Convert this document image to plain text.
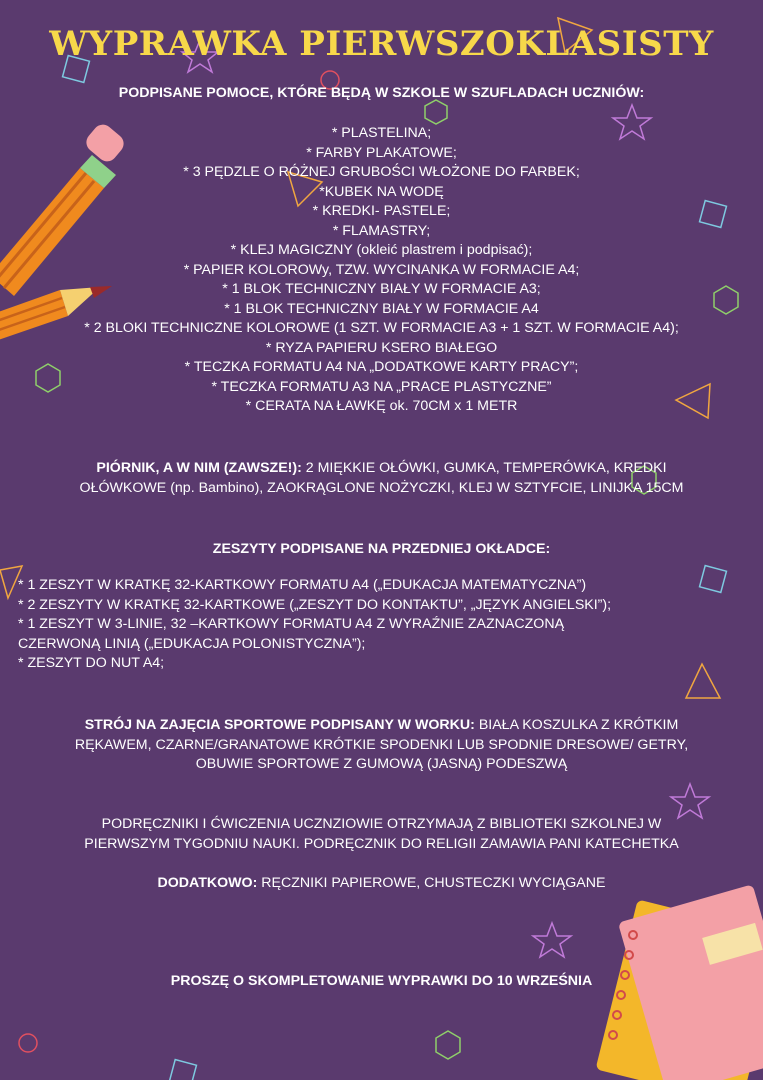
WYPRAWKA PIERWSZOKLASISTY
PODPISANE POMOCE, KTÓRE BĘDĄ W SZKOLE W SZUFLADACH UCZNIÓW:
* PLASTELINA;
* FARBY PLAKATOWE;
* 3 PĘDZLE O RÓŻNEJ GRUBOŚCI WŁOŻONE DO FARBEK;
*KUBEK NA WODĘ
* KREDKI- PASTELE;
* FLAMASTRY;
* KLEJ MAGICZNY (okleić plastrem i podpisać);
* PAPIER KOLOROWy, TZW. WYCINANKA W FORMACIE A4;
* 1 BLOK TECHNICZNY BIAŁY W FORMACIE A3;
* 1 BLOK TECHNICZNY BIAŁY W FORMACIE A4
* 2 BLOKI TECHNICZNE KOLOROWE (1 SZT. W FORMACIE A3 + 1 SZT. W FORMACIE A4);
* RYZA PAPIERU KSERO BIAŁEGO
* TECZKA FORMATU A4 NA „DODATKOWE KARTY PRACY”;
* TECZKA FORMATU A3 NA „PRACE PLASTYCZNE”
* CERATA NA ŁAWKĘ ok. 70CM x 1 METR
PIÓRNIK, A W NIM (ZAWSZE!): 2 MIĘKKIE OŁÓWKI, GUMKA, TEMPERÓWKA, KREDKI
OŁÓWKOWE (np. Bambino), ZAOKRĄGLONE NOŻYCZKI, KLEJ W SZTYFCIE, LINIJKA 15CM
ZESZYTY PODPISANE NA PRZEDNIEJ OKŁADCE:
* 1 ZESZYT W KRATKĘ 32-KARTKOWY FORMATU A4 („EDUKACJA MATEMATYCZNA”)
* 2 ZESZYTY W KRATKĘ 32-KARTKOWE („ZESZYT DO KONTAKTU”, „JĘZYK ANGIELSKI”);
* 1 ZESZYT W 3-LINIE, 32 –KARTKOWY FORMATU A4 Z WYRAŹNIE ZAZNACZONĄ
CZERWONĄ LINIĄ („EDUKACJA POLONISTYCZNA”);
* ZESZYT DO NUT A4;
STRÓJ NA ZAJĘCIA SPORTOWE PODPISANY W WORKU: BIAŁA KOSZULKA Z KRÓTKIM
RĘKAWEM, CZARNE/GRANATOWE KRÓTKIE SPODENKI LUB SPODNIE DRESOWE/ GETRY,
OBUWIE SPORTOWE Z GUMOWĄ (JASNĄ) PODESZWĄ
PODRĘCZNIKI I ĆWICZENIA UCZNZIOWIE OTRZYMAJĄ Z BIBLIOTEKI SZKOLNEJ W
PIERWSZYM TYGODNIU NAUKI. PODRĘCZNIK DO RELIGII ZAMAWIA PANI KATECHETKA
DODATKOWO: RĘCZNIKI PAPIEROWE, CHUSTECZKI WYCIĄGANE
PROSZĘ O SKOMPLETOWANIE WYPRAWKI DO 10 WRZEŚNIA
